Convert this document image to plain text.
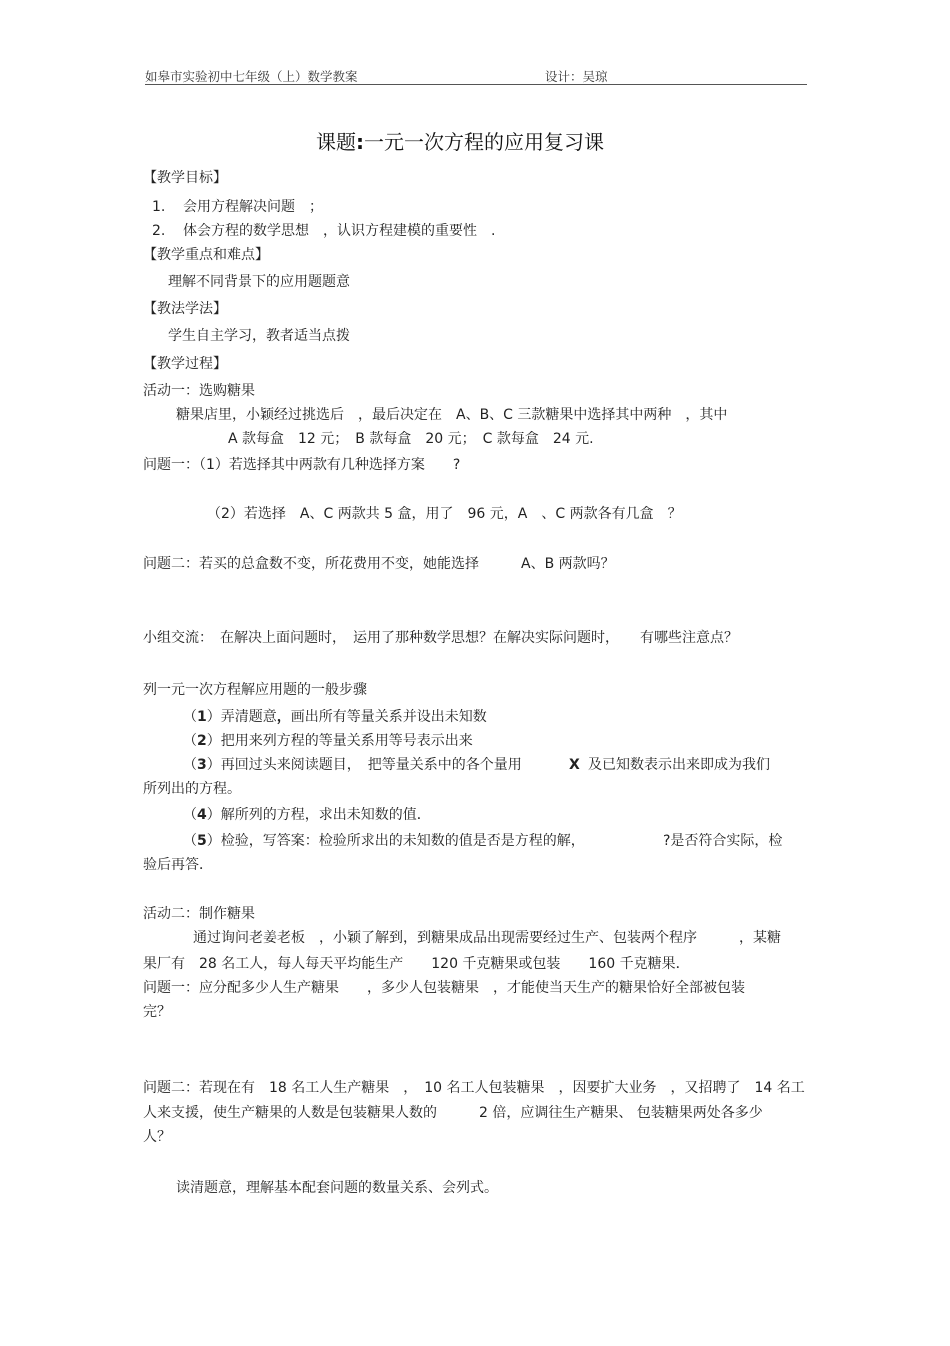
如皋市实验初中七年级（上）数学教案	设计：吴琼
课题:一元一次方程的应用复习课
【教学目标】
1. 会用方程解决问题　；
2. 体会方程的数学思想　，认识方程建模的重要性　.
【教学重点和难点】
理解不同背景下的应用题题意
【教法学法】
学生自主学习，教者适当点拨
【教学过程】
活动一：选购糖果
糖果店里，小颖经过挑选后　，最后决定在　A、B、C 三款糖果中选择其中两种　，其中
A 款每盒　12 元；　B 款每盒　20 元；　C 款每盒　24 元.
问题一：（1）若选择其中两款有几种选择方案　　?
（2）若选择　A、C 两款共 5 盒，用了　96 元，A　、C 两款各有几盒　？
问题二：若买的总盒数不变，所花费用不变，她能选择　　　A、B 两款吗？
小组交流：　在解决上面问题时，　运用了那种数学思想？在解决实际问题时，　　有哪些注意点？
列一元一次方程解应用题的一般步骤
（1）弄清题意，画出所有等量关系并设出未知数
（2）把用来列方程的等量关系用等号表示出来
（3）再回过头来阅读题目，　把等量关系中的各个量用	X 及已知数表示出来即成为我们
所列出的方程。
（4）解所列的方程，求出未知数的值．
（5）检验，写答案：检验所求出的未知数的值是否是方程的解，	?是否符合实际，检
验后再答．
活动二：制作糖果
通过询问老姜老板　，小颖了解到，到糖果成品出现需要经过生产、包装两个程序　　　，某糖
果厂有　28 名工人，每人每天平均能生产　　120 千克糖果或包装　　160 千克糖果．
问题一：应分配多少人生产糖果　　，多少人包装糖果　，才能使当天生产的糖果恰好全部被包装
完？
问题二：若现在有　18 名工人生产糖果　，　10 名工人包装糖果　，因要扩大业务　，又招聘了　14 名工
人来支援，使生产糖果的人数是包装糖果人数的　　　2 倍，应调往生产糖果、 包装糖果两处各多少
人？
读清题意，理解基本配套问题的数量关系、会列式。
